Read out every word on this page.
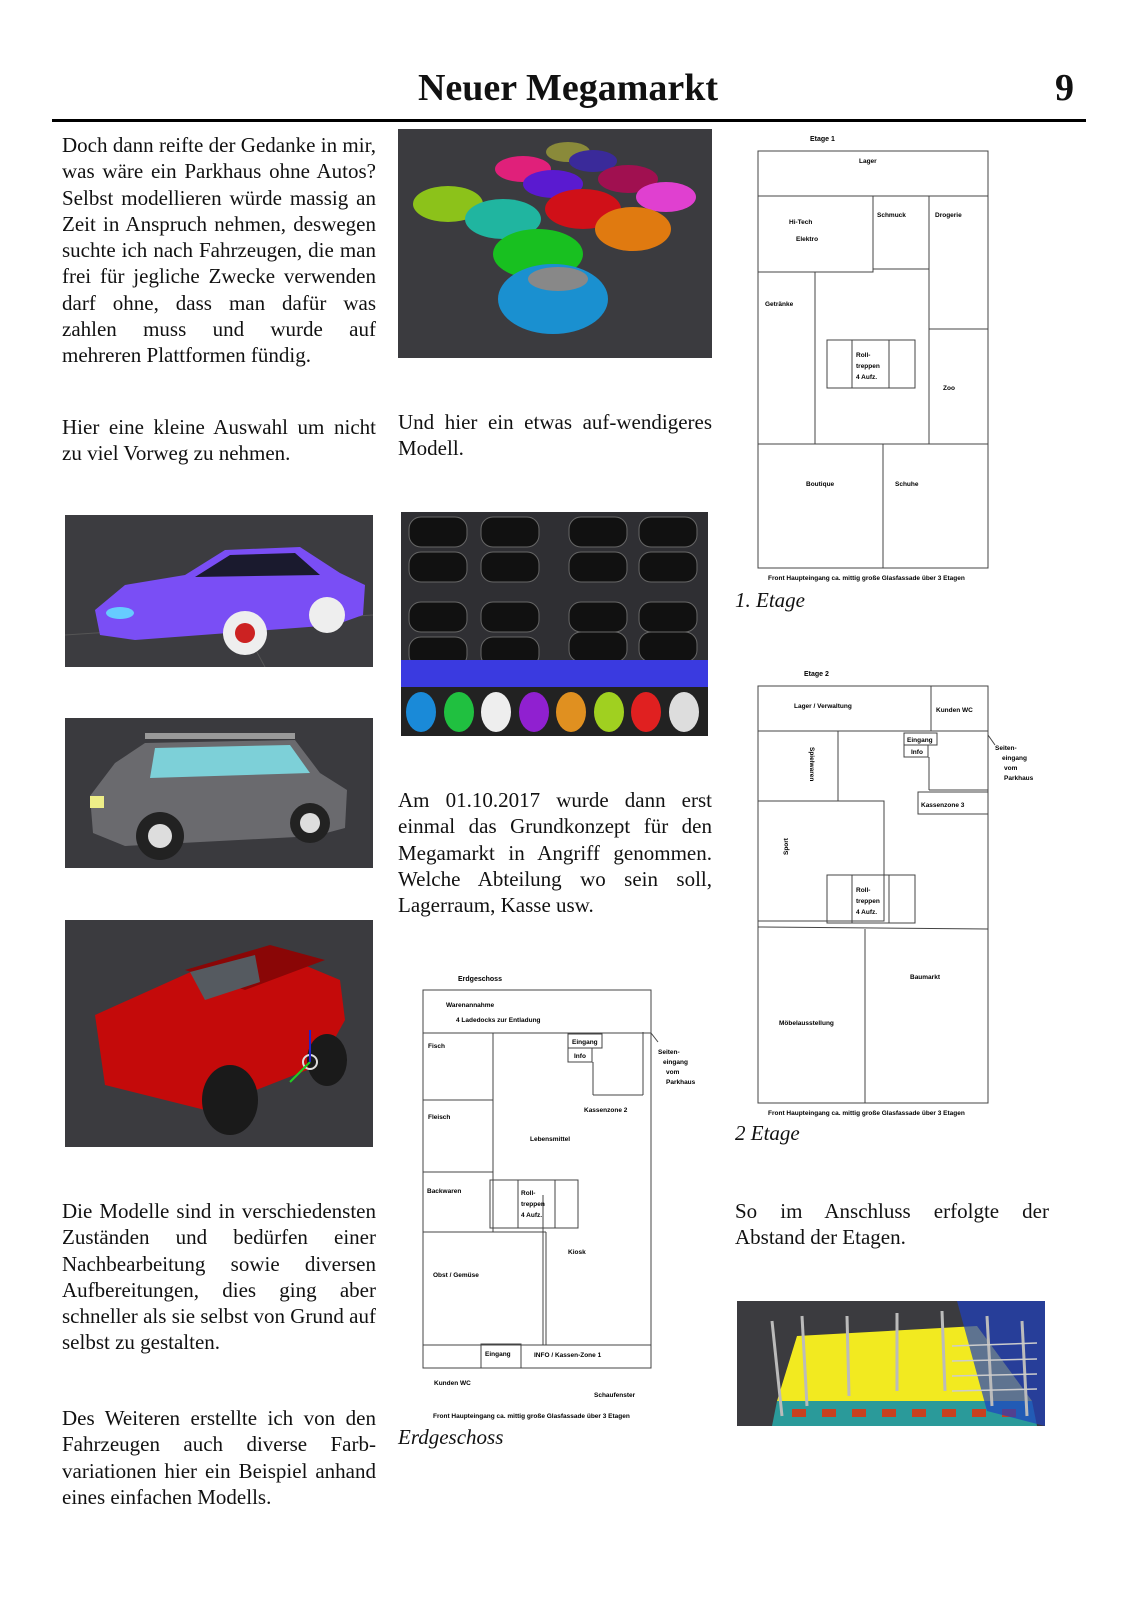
Neuer Megamarkt	9
Doch dann reifte der Gedanke in mir, was wäre ein Parkhaus ohne Autos? Selbst modellieren würde massig an Zeit in Anspruch nehmen, deswegen suchte ich nach Fahrzeugen, die man frei für jegliche Zwecke verwenden darf ohne, dass man dafür was zahlen muss und wurde auf mehreren Plattformen fündig.
Hier eine kleine Auswahl um nicht zu viel Vorweg zu nehmen.
Die Modelle sind in verschiedensten Zuständen und bedürfen einer Nachbearbeitung sowie diversen Aufbereitungen, dies ging aber schneller als sie selbst von Grund auf selbst zu gestalten.
Des Weiteren erstellte ich von den Fahrzeugen auch diverse Farb-variationen hier ein Beispiel anhand eines einfachen Modells.
Und hier ein etwas auf-wendigeres Modell.
Am 01.10.2017 wurde dann erst einmal das Grundkonzept für den Megamarkt in Angriff genommen. Welche Abteilung wo sein soll, Lagerraum, Kasse usw.
Erdgeschoss
Warenannahme
4 Ladedocks zur Entladung
Fisch
Fleisch
Backwaren
Obst / Gemüse
Lebensmittel
Kiosk
Eingang
Info
Seiten-
eingang
vom
Parkhaus
Kassenzone 2
Roll-
treppen
4 Aufz.
Eingang	INFO / Kassen-Zone 1
Kunden WC
Schaufenster
Front Haupteingang ca. mittig große Glasfassade über 3 Etagen
Erdgeschoss
Etage 1
Lager
Hi-Tech
Elektro
Schmuck	Drogerie
Getränke
Roll-
treppen
4 Aufz.
Zoo
Boutique	Schuhe
Front Haupteingang ca. mittig große Glasfassade über 3 Etagen
1. Etage
Etage 2
Lager / Verwaltung
Kunden WC
Eingang
Info
Seiten-
eingang
vom
Parkhaus
Spielwaren
Kassenzone 3
Sport
Roll-
treppen
4 Aufz.
Baumarkt
Möbelausstellung
Front Haupteingang ca. mittig große Glasfassade über 3 Etagen
2 Etage
So im Anschluss erfolgte der Abstand der Etagen.
